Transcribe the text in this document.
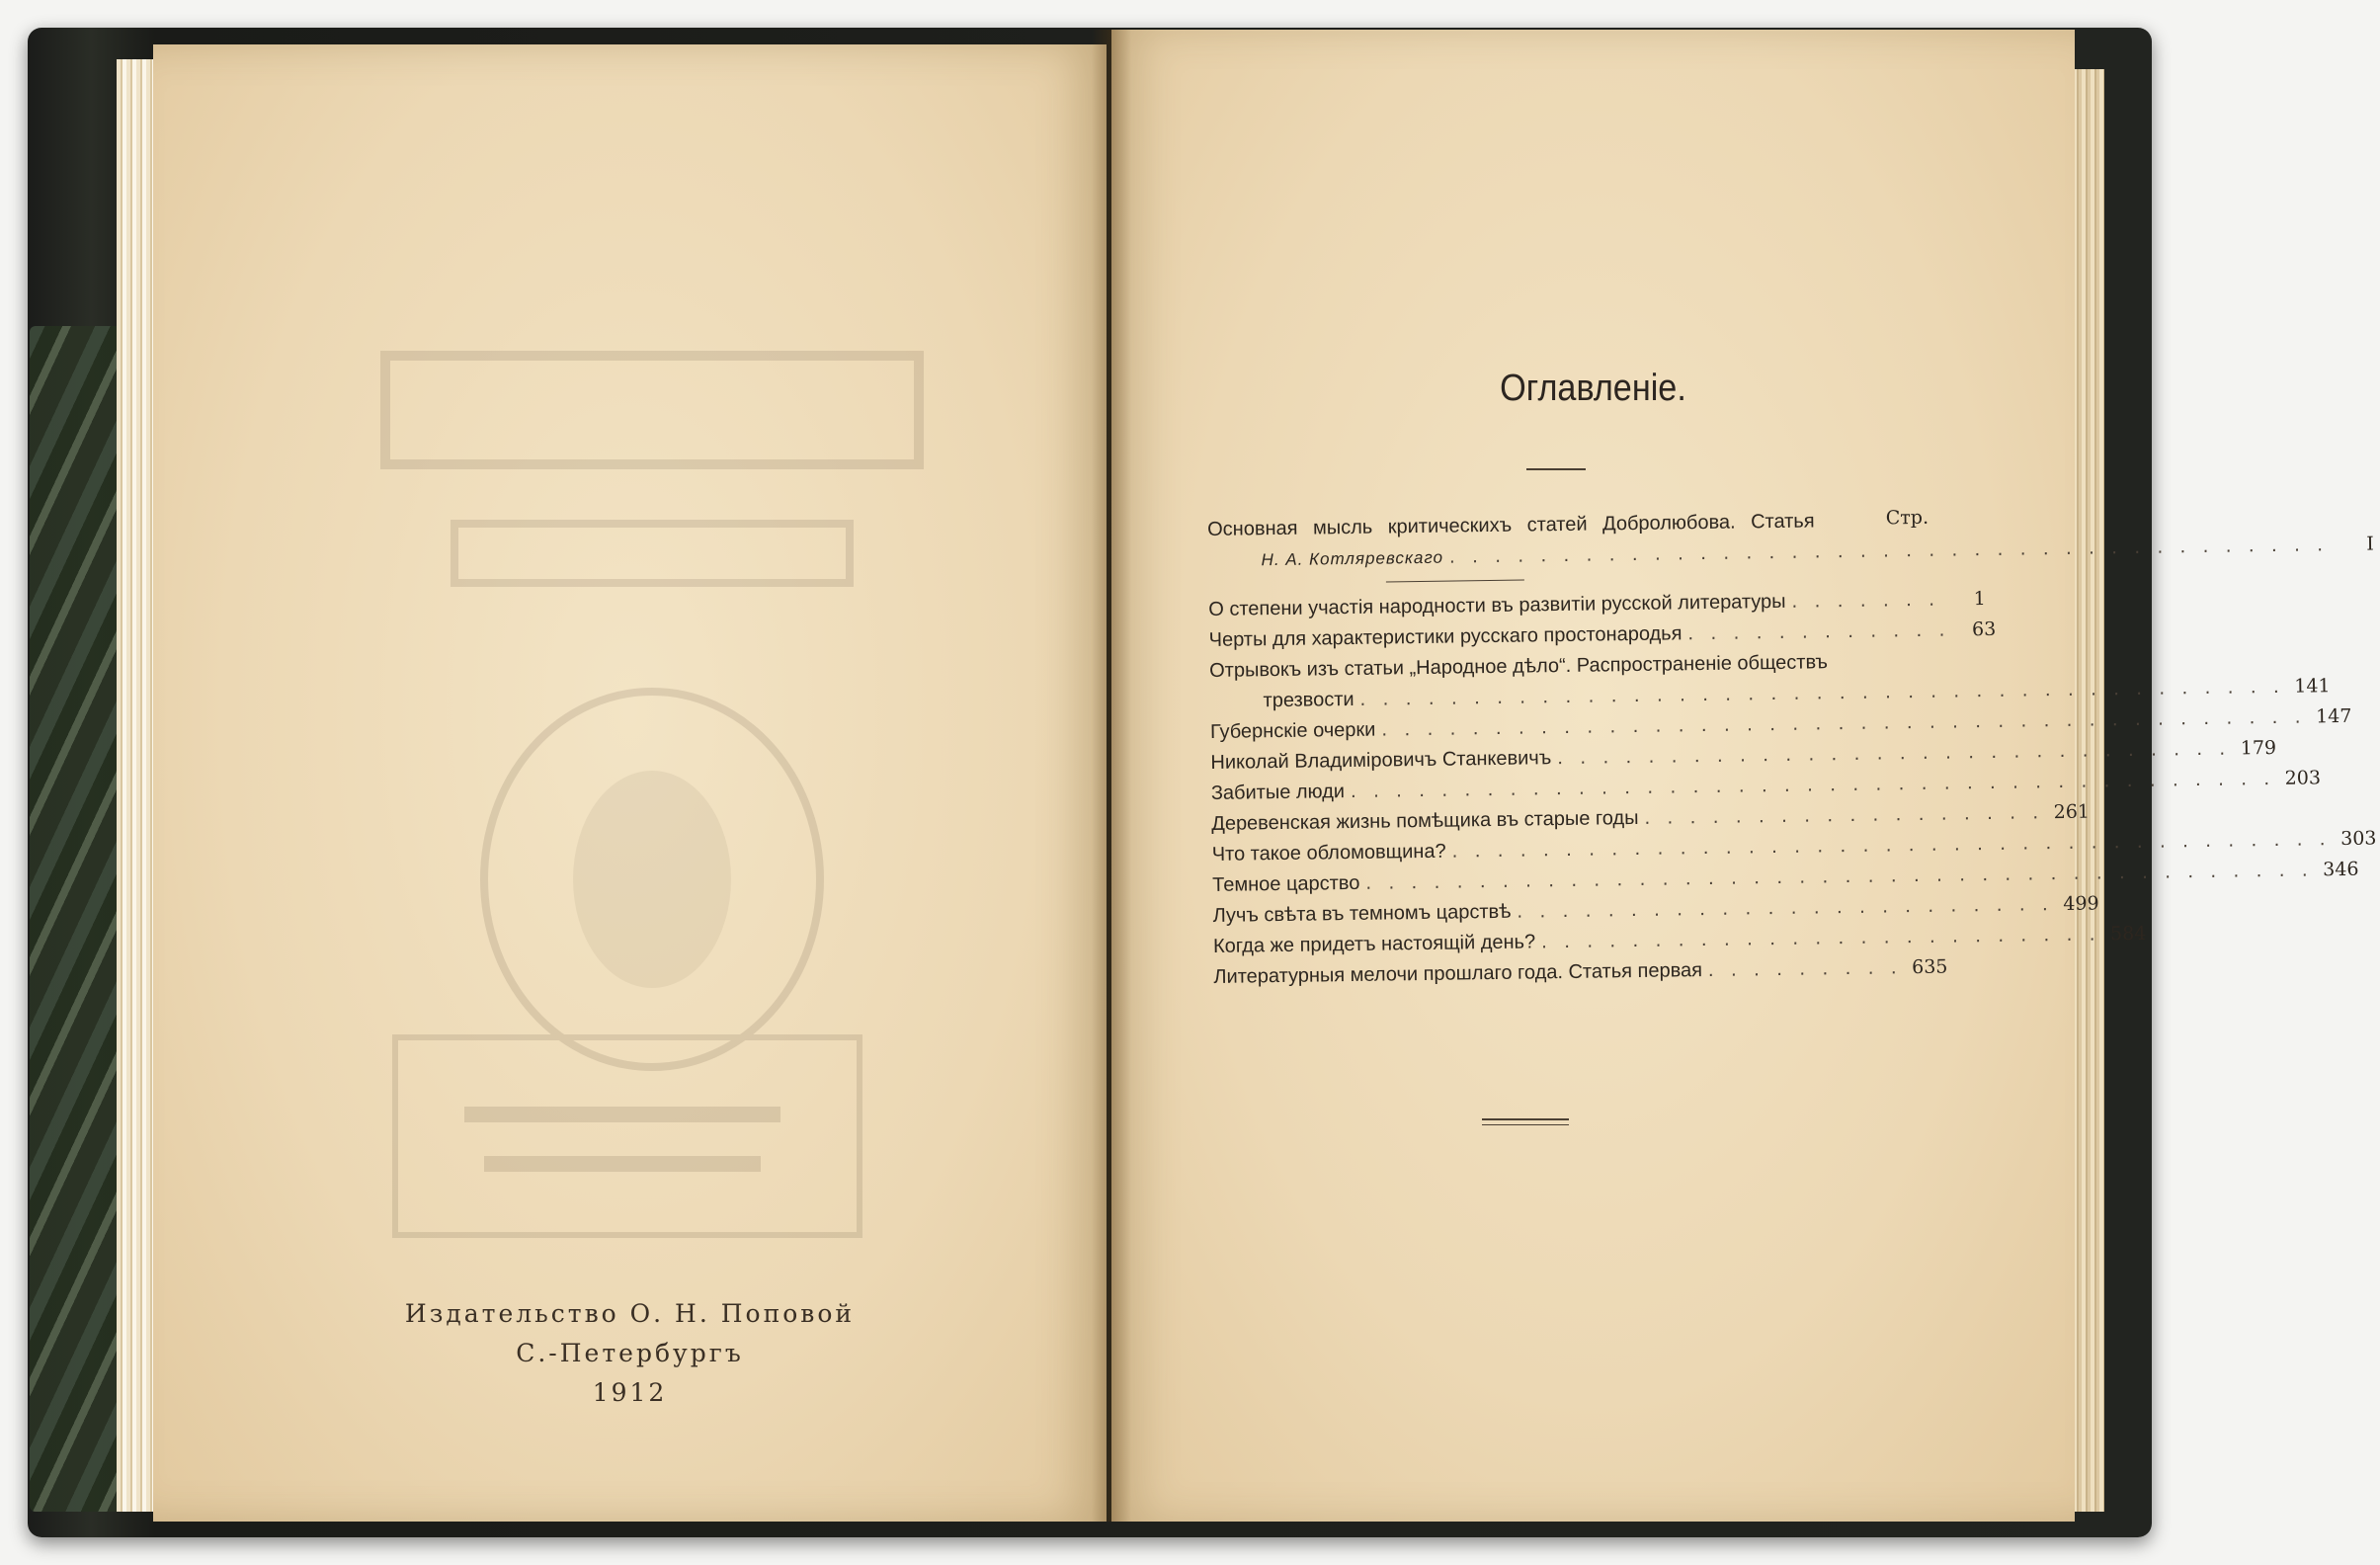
Издательство О. Н. Поповой
С.-Петербургъ
1912
Оглавленіе.
Стр.
Основная мысль критическихъ статей Добролюбова. Статья
Н. А. Котляревскаго . . . . . . . . . . . . . . . . . . . . . . . . . . . . . . . . . . . . . . .	I
О степени участія народности въ развитіи русской литературы . . . . . . .	1
Черты для характеристики русскаго простонародья . . . . . . . . . . . .	63
Отрывокъ изъ статьи „Народное дѣло“. Распространеніе обществъ
трезвости . . . . . . . . . . . . . . . . . . . . . . . . . . . . . . . . . . . . . . . . . 141
Губернскіе очерки . . . . . . . . . . . . . . . . . . . . . . . . . . . . . . . . . . . . . . . . . 147
Николай Владиміровичъ Станкевичъ . . . . . . . . . . . . . . . . . . . . . . . . . . . . . . 179
Забитые люди . . . . . . . . . . . . . . . . . . . . . . . . . . . . . . . . . . . . . . . . . 203
Деревенская жизнь помѣщика въ старые годы . . . . . . . . . . . . . . . . . . 261
Что такое обломовщина? . . . . . . . . . . . . . . . . . . . . . . . . . . . . . . . . . . . . . . . 303
Темное царство . . . . . . . . . . . . . . . . . . . . . . . . . . . . . . . . . . . . . . . . . . 346
Лучъ свѣта въ темномъ царствѣ . . . . . . . . . . . . . . . . . . . . . . . . 499
Когда же придетъ настоящій день? . . . . . . . . . . . . . . . . . . . . . . . . . 584
Литературныя мелочи прошлаго года. Статья первая . . . . . . . . . 635
